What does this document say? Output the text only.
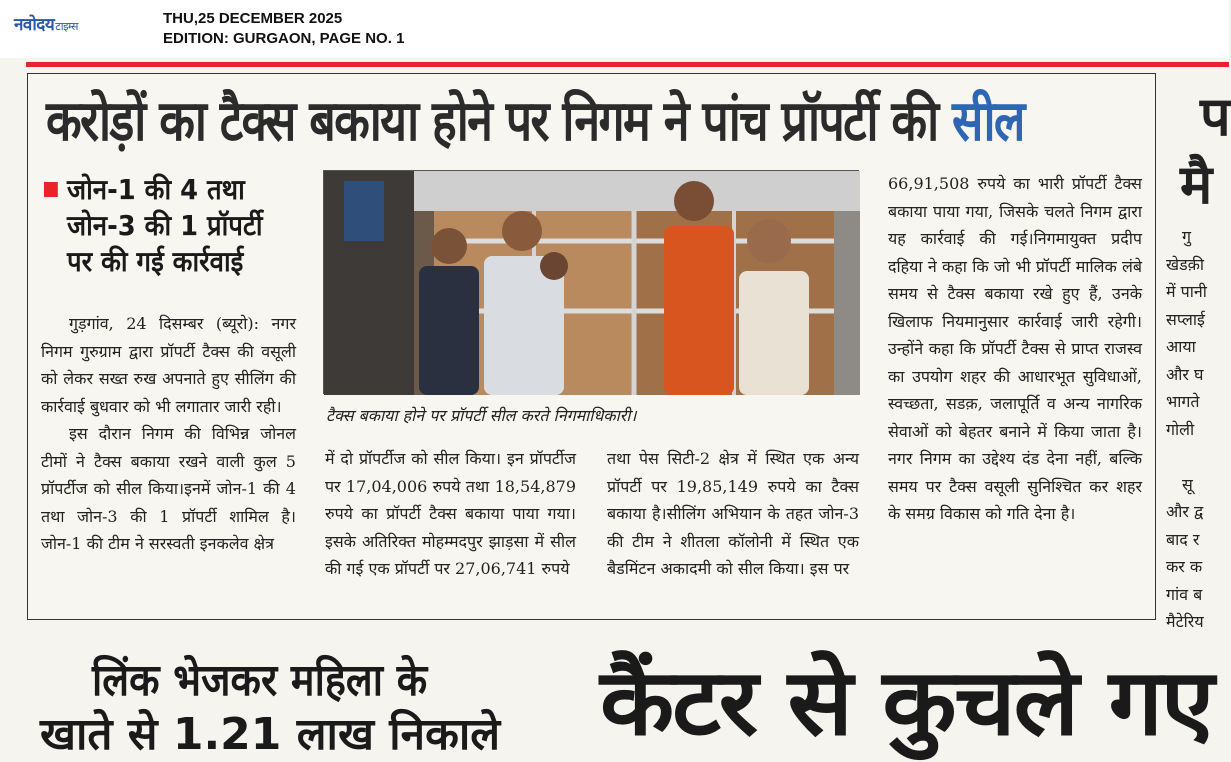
नवोदयटाइम्स	THU,25 DECEMBER 2025
EDITION: GURGAON, PAGE NO. 1
करोड़ों का टैक्स बकाया होने पर निगम ने पांच प्रॉपर्टी की सील
जोन-1 की 4 तथा
जोन-3 की 1 प्रॉपर्टी
पर की गई कार्रवाई

गुड़गांव, 24 दिसम्बर (ब्यूरो): नगर निगम गुरुग्राम द्वारा प्रॉपर्टी टैक्स की वसूली को लेकर सख्त रुख अपनाते हुए सीलिंग की कार्रवाई बुधवार को भी लगातार जारी रही।

इस दौरान निगम की विभिन्न जोनल टीमों ने टैक्स बकाया रखने वाली कुल 5 प्रॉपर्टीज को सील किया।इनमें जोन-1 की 4 तथा जोन-3 की 1 प्रॉपर्टी शामिल है। जोन-1 की टीम ने सरस्वती इनकलेव क्षेत्र

टैक्स बकाया होने पर प्रॉपर्टी सील करते निगमाधिकारी।

में दो प्रॉपर्टीज को सील किया। इन प्रॉपर्टीज पर 17,04,006 रुपये तथा 18,54,879 रुपये का प्रॉपर्टी टैक्स बकाया पाया गया। इसके अतिरिक्त मोहम्मदपुर झाड़सा में सील की गई एक प्रॉपर्टी पर 27,06,741 रुपये

तथा पेस सिटी-2 क्षेत्र में स्थित एक अन्य प्रॉपर्टी पर 19,85,149 रुपये का टैक्स बकाया है।सीलिंग अभियान के तहत जोन-3 की टीम ने शीतला कॉलोनी में स्थित एक बैडमिंटन अकादमी को सील किया। इस पर

66,91,508 रुपये का भारी प्रॉपर्टी टैक्स बकाया पाया गया, जिसके चलते निगम द्वारा यह कार्रवाई की गई।निगमायुक्त प्रदीप दहिया ने कहा कि जो भी प्रॉपर्टी मालिक लंबे समय से टैक्स बकाया रखे हुए हैं, उनके खिलाफ नियमानुसार कार्रवाई जारी रहेगी। उन्होंने कहा कि प्रॉपर्टी टैक्स से प्राप्त राजस्व का उपयोग शहर की आधारभूत सुविधाओं, स्वच्छता, सडक़, जलापूर्ति व अन्य नागरिक सेवाओं को बेहतर बनाने में किया जाता है। नगर निगम का उद्देश्य दंड देना नहीं, बल्कि समय पर टैक्स वसूली सुनिश्चित कर शहर के समग्र विकास को गति देना है।

प
मै
गु
खेडक़ी
में पानी
सप्लाई
आया
और घ
भागते
गोली

सू
और द्व
बाद र
कर क
गांव ब
मैटेरिय
लिंक भेजकर महिला के
खाते से 1.21 लाख निकाले	कैंटर से कुचले गए
